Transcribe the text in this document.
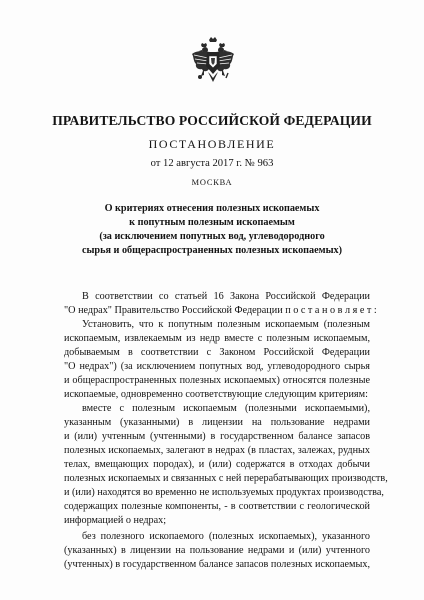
ПРАВИТЕЛЬСТВО РОССИЙСКОЙ ФЕДЕРАЦИИ
ПОСТАНОВЛЕНИЕ
от 12 августа 2017 г. № 963
МОСКВА
О критериях отнесения полезных ископаемых
к попутным полезным ископаемым
(за исключением попутных вод, углеводородного
сырья и общераспространенных полезных ископаемых)
В соответствии со статьей 16 Закона Российской Федерации
"О недрах" Правительство Российской Федерации п о с т а н о в л я е т :
Установить, что к попутным полезным ископаемым (полезным
ископаемым, извлекаемым из недр вместе с полезным ископаемым,
добываемым в соответствии с Законом Российской Федерации
"О недрах") (за исключением попутных вод, углеводородного сырья
и общераспространенных полезных ископаемых) относятся полезные
ископаемые, одновременно соответствующие следующим критериям:
вместе с полезным ископаемым (полезными ископаемыми),
указанным (указанными) в лицензии на пользование недрами
и (или) учтенным (учтенными) в государственном балансе запасов
полезных ископаемых, залегают в недрах (в пластах, залежах, рудных
телах, вмещающих породах), и (или) содержатся в отходах добычи
полезных ископаемых и связанных с ней перерабатывающих производств,
и (или) находятся во временно не используемых продуктах производства,
содержащих полезные компоненты, - в соответствии с геологической
информацией о недрах;
без полезного ископаемого (полезных ископаемых), указанного
(указанных) в лицензии на пользование недрами и (или) учтенного
(учтенных) в государственном балансе запасов полезных ископаемых,
